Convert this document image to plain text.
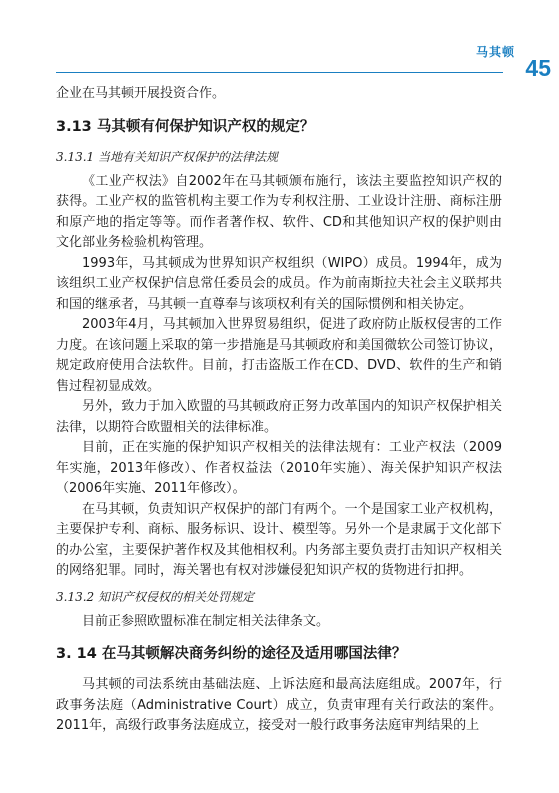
马其顿
45

企业在马其顿开展投资合作。

3.13 马其顿有何保护知识产权的规定？
3.13.1 当地有关知识产权保护的法律法规

《工业产权法》自2002年在马其顿颁布施行，该法主要监控知识产权的获得。工业产权的监管机构主要工作为专利权注册、工业设计注册、商标注册和原产地的指定等等。而作者著作权、软件、CD和其他知识产权的保护则由文化部业务检验机构管理。

1993年，马其顿成为世界知识产权组织（WIPO）成员。1994年，成为该组织工业产权保护信息常任委员会的成员。作为前南斯拉夫社会主义联邦共和国的继承者，马其顿一直尊奉与该项权利有关的国际惯例和相关协定。

2003年4月，马其顿加入世界贸易组织，促进了政府防止版权侵害的工作力度。在该问题上采取的第一步措施是马其顿政府和美国微软公司签订协议，规定政府使用合法软件。目前，打击盗版工作在CD、DVD、软件的生产和销售过程初显成效。

另外，致力于加入欧盟的马其顿政府正努力改革国内的知识产权保护相关法律，以期符合欧盟相关的法律标准。

目前，正在实施的保护知识产权相关的法律法规有：工业产权法（2009年实施，2013年修改）、作者权益法（2010年实施）、海关保护知识产权法（2006年实施、2011年修改）。

在马其顿，负责知识产权保护的部门有两个。一个是国家工业产权机构，主要保护专利、商标、服务标识、设计、模型等。另外一个是隶属于文化部下的办公室，主要保护著作权及其他相权利。内务部主要负责打击知识产权相关的网络犯罪。同时，海关署也有权对涉嫌侵犯知识产权的货物进行扣押。

3.13.2 知识产权侵权的相关处罚规定

目前正参照欧盟标准在制定相关法律条文。

3. 14 在马其顿解决商务纠纷的途径及适用哪国法律？

马其顿的司法系统由基础法庭、上诉法庭和最高法庭组成。2007年，行政事务法庭（Administrative Court）成立，负责审理有关行政法的案件。2011年，高级行政事务法庭成立，接受对一般行政事务法庭审判结果的上
